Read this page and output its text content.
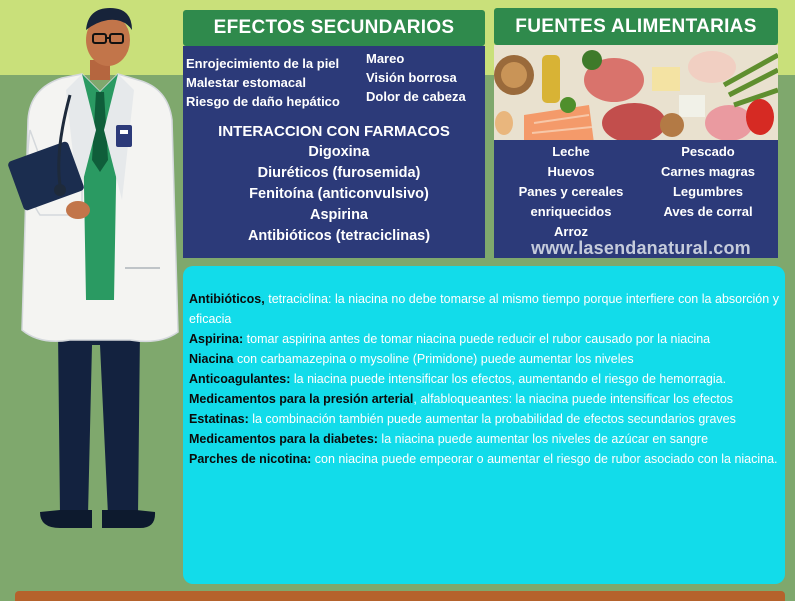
EFECTOS SECUNDARIOS
Enrojecimiento de la piel
Malestar estomacal
Riesgo de daño hepático
Mareo
Visión borrosa
Dolor de cabeza
INTERACCION CON FARMACOS
Digoxina
Diuréticos (furosemida)
Fenitoína (anticonvulsivo)
Aspirina
Antibióticos (tetraciclinas)
FUENTES ALIMENTARIAS
Leche
Huevos
Panes y cereales
enriquecidos
Arroz
Pescado
Carnes magras
Legumbres
Aves de corral
www.lasendanatural.com

Antibióticos, tetraciclina: la niacina no debe tomarse al mismo tiempo porque interfiere con la absorción y eficacia

Aspirina: tomar aspirina antes de tomar niacina puede reducir el rubor causado por la niacina

Niacina con carbamazepina o mysoline (Primidone) puede aumentar los niveles

Anticoagulantes: la niacina puede intensificar los efectos, aumentando el riesgo de hemorragia.

Medicamentos para la presión arterial, alfabloqueantes: la niacina puede intensificar los efectos

Estatinas: la combinación también puede aumentar la probabilidad de efectos secundarios graves

Medicamentos para la diabetes: la niacina puede aumentar los niveles de azúcar en sangre

Parches de nicotina: con niacina puede empeorar o aumentar el riesgo de rubor asociado con la niacina.
